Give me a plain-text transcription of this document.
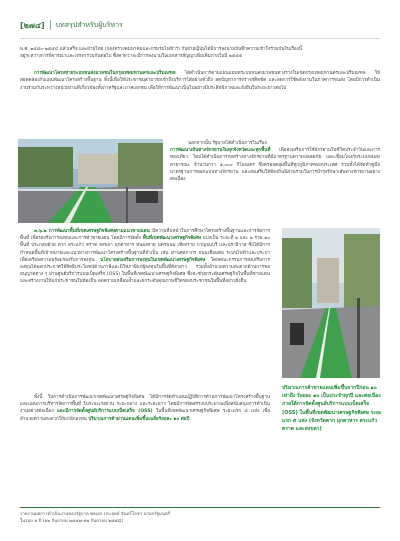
[๒๗๔] บทสรุปสำหรับผู้บริหาร
พ.ศ. ๒๕๕๐-๒๕๕๔ แล้วเสร็จ และฝ่ายไทย (กองทรวงคมนาคมและกรมรถไฟฟ้าฯ) กับฝ่ายญี่ปุ่นได้มีการลงนามบันทึกความเข้าใจร่วมกันในเรื่องนี้
อยู่ระหว่างการพิจารณาและเจรจาร่วมกันต่อไป ซึ่งคาดว่าจะมีการลงนามในเอกสารสัญญาเพิ่มเติมภายในปี ๒๕๕๕
การพัฒนาโครงข่ายระบบขนส่งมวลชนในกรุงเทพมหานครและปริมณฑล ได้ดำเนินการตามแผนแม่บทระบบขนส่งมวลชนทางรางในเขตกรุงเทพมหานครและปริมณฑล ให้สอดคล้องกับแผนพัฒนาโครงสร้างพื้นฐาน ทั้งนี้เพื่อให้ประชาชนสามารถเข้าถึงบริการได้อย่างทั่วถึง ลดปัญหาการจราจรติดขัด และลดการใช้พลังงานในภาคการขนส่ง โดยมีการดำเนินงานร่วมกันระหว่างหน่วยงานที่เกี่ยวข้องทั้งภาครัฐและภาคเอกชน เพื่อให้การพัฒนาเป็นไปอย่างมีประสิทธิภาพและยั่งยืนในระยะยาวต่อไป
นอกจากนั้น รัฐบาลได้ดำเนินการในเรื่อง
การพัฒนาเส้นทางจักรยานในทุกจังหวัดและทุกพื้นที่ เพื่อส่งเสริมการใช้จักรยานในชีวิตประจำวันและการท่องเที่ยว โดยได้ดำเนินการก่อสร้างทางจักรยานที่มีมาตรฐานความปลอดภัย และเชื่อมโยงกับระบบขนส่งสาธารณะ จำนวนกว่า ๑,๐๐๐ กิโลเมตร ซึ่งครอบคลุมพื้นที่ทุกภูมิภาคของประเทศ รวมทั้งได้จัดทำคู่มือมาตรฐานการออกแบบทางจักรยาน และส่งเสริมให้ท้องถิ่นมีส่วนร่วมในการบำรุงรักษาเส้นทางจักรยานอย่างต่อเนื่อง
๓.๖.๒ การพัฒนาพื้นที่เขตเศรษฐกิจพิเศษตามแนวชายแดน มีความคืบหน้าในการศึกษาโครงสร้างพื้นฐานและการจัดการพื้นที่ เพื่อรองรับการลงทุนและการค้าชายแดน โดยมีการจัดตั้ง พื้นที่เขตพัฒนาเศรษฐกิจพิเศษ แบ่งเป็น ระยะที่ ๑ และ ๒ รวม ๑๐ พื้นที่ ประกอบด้วย ตาก สระแก้ว ตราด สงขลา มุกดาหาร หนองคาย นครพนม เชียงราย กาญจนบุรี และนราธิวาส ซึ่งได้มีการกำหนดพื้นที่เป้าหมายและแนวทางการพัฒนาโครงสร้างพื้นฐานที่จำเป็น เช่น ด่านศุลกากร ถนนเชื่อมต่อ ระบบไฟฟ้าและประปา เพื่อเตรียมความพร้อมรองรับการลงทุน นโยบายส่งเสริมการลงทุนในเขตพัฒนาเศรษฐกิจพิเศษ โดยคณะกรรมการส่งเสริมการลงทุนได้ออกประกาศให้สิทธิประโยชน์ด้านภาษีและมิใช่ภาษีแก่ผู้ลงทุนในพื้นที่ดังกล่าว รวมทั้งอำนวยความสะดวกด้านการขออนุญาตต่าง ๆ ผ่านศูนย์บริการแบบเบ็ดเสร็จ (OSS) ในพื้นที่เขตพัฒนาเศรษฐกิจพิเศษ ซึ่งจะช่วยกระตุ้นเศรษฐกิจในพื้นที่ชายแดนและสร้างงานให้แก่ประชาชนในท้องถิ่น ลดความเหลื่อมล้ำและยกระดับคุณภาพชีวิตของประชาชนในพื้นที่อย่างยั่งยืน
ทั้งนี้ ในการดำเนินการพัฒนาเขตพัฒนาเศรษฐกิจพิเศษ ได้มีการจัดทำแผนปฏิบัติการด้านการพัฒนาโครงสร้างพื้นฐาน และแผนการบริหารจัดการพื้นที่ ในระยะเร่งด่วน ระยะกลาง และระยะยาว โดยมีการจัดสรรงบประมาณเพื่อสนับสนุนการดำเนินงานอย่างต่อเนื่อง และมีการจัดตั้งศูนย์บริการแบบเบ็ดเสร็จ (OSS) ในพื้นที่เขตพัฒนาเศรษฐกิจพิเศษ ระยะแรก ๕ แห่ง เพื่ออำนวยความสะดวกให้แก่นักลงทุน ปริมาณการค้าผ่านแดนเพิ่มขึ้นเฉลี่ยร้อยละ ๑๐ ต่อปี
ปริมาณการค้าชายแดนเพิ่มขึ้นจากปีก่อน ๑๐ เท่าถึง ร้อยละ ๑๐ เป็นประจำทุกปี และต่อเนื่อง ภายใต้การจัดตั้งศูนย์บริการแบบเบ็ดเสร็จ (OSS) ในพื้นที่เขตพัฒนาเศรษฐกิจพิเศษ ระยะแรก ๕ แห่ง (จังหวัดตาก มุกดาหาร สระแก้ว ตราด และสงขลา)
รายงานผลการดำเนินงานของรัฐบาล พลเอก ประยุทธ์ จันทร์โอชา นายกรัฐมนตรี
ในรอบ ๑ ปี (๑๒ กันยายน ๒๕๕๗-๑๒ กันยายน ๒๕๕๘)
